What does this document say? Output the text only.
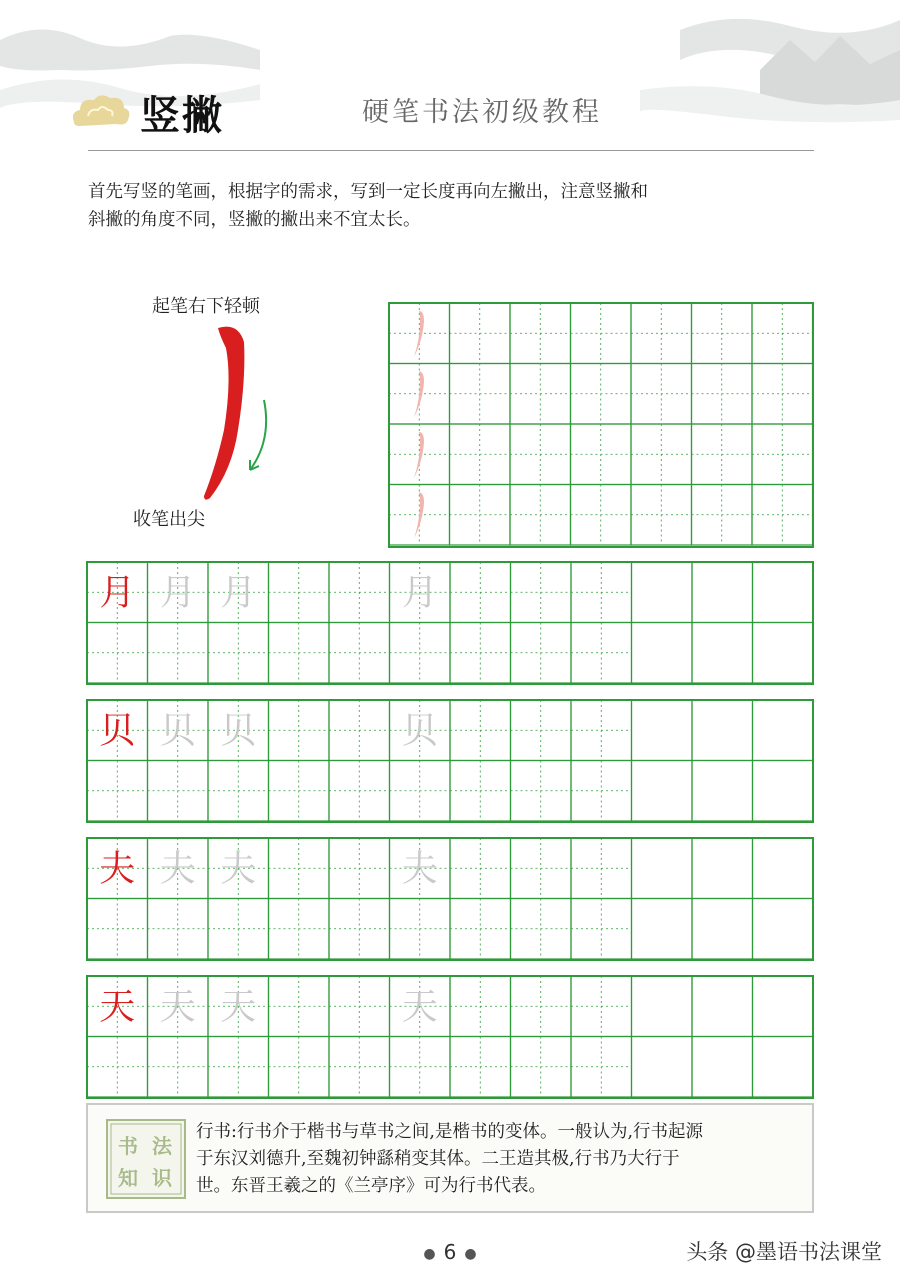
竖撇	硬笔书法初级教程
首先写竖的笔画，根据字的需求，写到一定长度再向左撇出，注意竖撇和
斜撇的角度不同，竖撇的撇出来不宜太长。
起笔右下轻顿
收笔出尖
月 月 月	月
贝 贝 贝	贝
夫 夫 夫	夫
天 天 天	天
书 法
知 识
行书:行书介于楷书与草书之间,是楷书的变体。一般认为,行书起源
于东汉刘德升,至魏初钟繇稍变其体。二王造其极,行书乃大行于
世。东晋王羲之的《兰亭序》可为行书代表。
● 6 ●	头条 @墨语书法课堂
